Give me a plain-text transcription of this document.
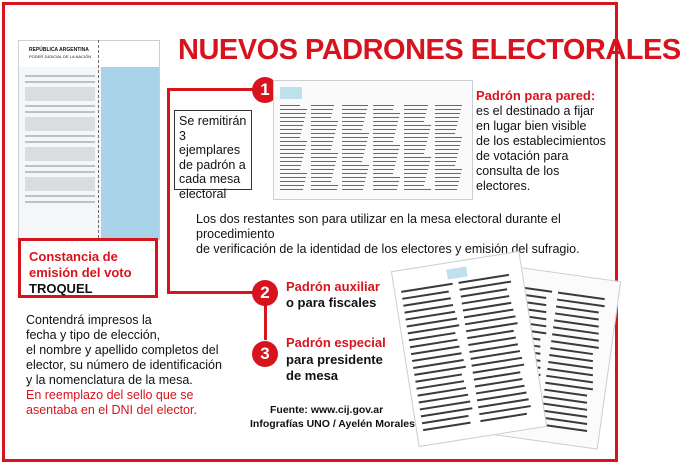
NUEVOS PADRONES ELECTORALES
REPÚBLICA ARGENTINA
PODER JUDICIAL DE LA NACIÓN
Constancia de
emisión del voto
TROQUEL
Contendrá impresos la
fecha y tipo de elección,
el nombre y apellido completos del
elector, su número de identificación
y la nomenclatura de la mesa.
En reemplazo del sello que se
asentaba en el DNI del elector.
1
Se remitirán
3 ejemplares
de padrón a
cada mesa
electoral
Padrón para pared:
es el destinado a fijar
en lugar bien visible
de los establecimientos
de votación para
consulta de los electores.
Los dos restantes son para utilizar en la mesa electoral durante el procedimiento
de verificación de la identidad de los electores y emisión del sufragio.
2	Padrón auxiliar
o para fiscales
3
Padrón especial
para presidente
de mesa
Fuente: www.cij.gov.ar
Infografías UNO / Ayelén Morales
